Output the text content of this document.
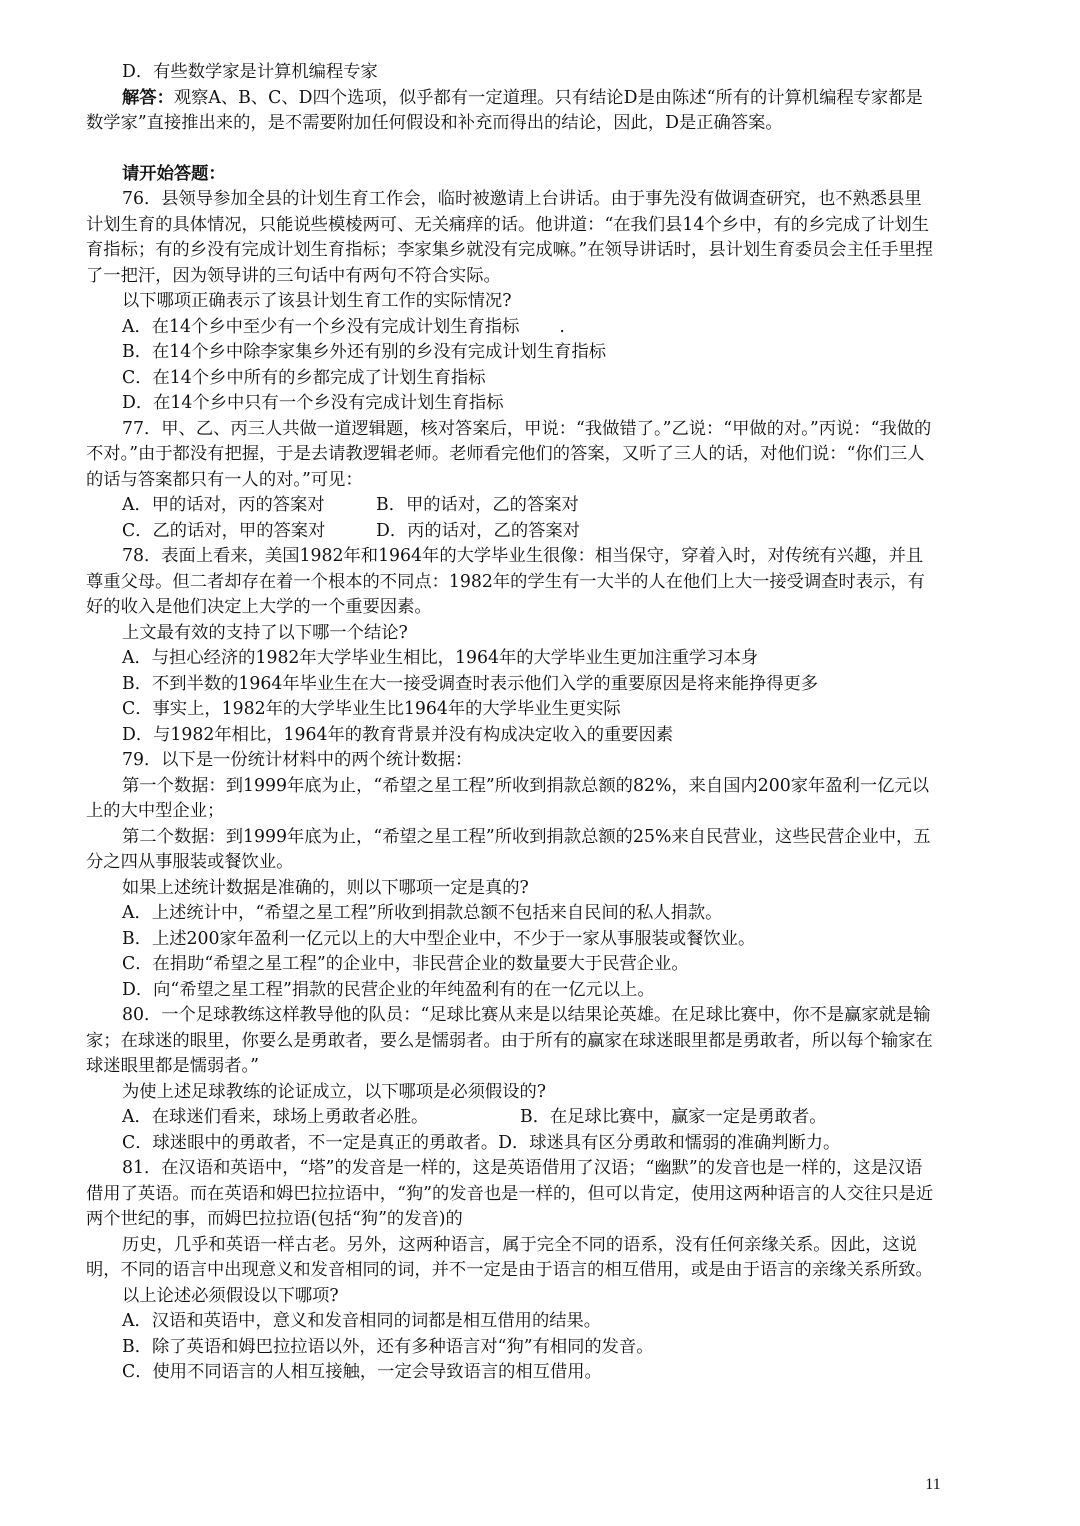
D．有些数学家是计算机编程专家

解答：观察A、B、C、D四个选项，似乎都有一定道理。只有结论D是由陈述“所有的计算机编程专家都是数学家”直接推出来的，是不需要附加任何假设和补充而得出的结论，因此，D是正确答案。

请开始答题：

76．县领导参加全县的计划生育工作会，临时被邀请上台讲话。由于事先没有做调查研究，也不熟悉县里计划生育的具体情况，只能说些模棱两可、无关痛痒的话。他讲道：“在我们县14个乡中，有的乡完成了计划生育指标；有的乡没有完成计划生育指标；李家集乡就没有完成嘛。”在领导讲话时，县计划生育委员会主任手里捏了一把汗，因为领导讲的三句话中有两句不符合实际。

以下哪项正确表示了该县计划生育工作的实际情况?

A．在14个乡中至少有一个乡没有完成计划生育指标　　 .

B．在14个乡中除李家集乡外还有别的乡没有完成计划生育指标

C．在14个乡中所有的乡都完成了计划生育指标

D．在14个乡中只有一个乡没有完成计划生育指标

77．甲、乙、丙三人共做一道逻辑题，核对答案后，甲说：“我做错了。”乙说：“甲做的对。”丙说：“我做的不对。”由于都没有把握，于是去请教逻辑老师。老师看完他们的答案，又听了三人的话，对他们说：“你们三人的话与答案都只有一人的对。”可见：

A．甲的话对，丙的答案对	B．甲的话对，乙的答案对
C．乙的话对，甲的答案对	D．丙的话对，乙的答案对

78．表面上看来，美国1982年和1964年的大学毕业生很像：相当保守，穿着入时，对传统有兴趣，并且尊重父母。但二者却存在着一个根本的不同点：1982年的学生有一大半的人在他们上大一接受调查时表示，有好的收入是他们决定上大学的一个重要因素。

上文最有效的支持了以下哪一个结论?

A．与担心经济的1982年大学毕业生相比，1964年的大学毕业生更加注重学习本身

B．不到半数的1964年毕业生在大一接受调查时表示他们入学的重要原因是将来能挣得更多

C．事实上，1982年的大学毕业生比1964年的大学毕业生更实际

D．与1982年相比，1964年的教育背景并没有构成决定收入的重要因素

79．以下是一份统计材料中的两个统计数据：

第一个数据：到1999年底为止，“希望之星工程”所收到捐款总额的82%，来自国内200家年盈利一亿元以上的大中型企业；

第二个数据：到1999年底为止，“希望之星工程”所收到捐款总额的25%来自民营业，这些民营企业中，五分之四从事服装或餐饮业。

如果上述统计数据是准确的，则以下哪项一定是真的?

A．上述统计中，“希望之星工程”所收到捐款总额不包括来自民间的私人捐款。

B．上述200家年盈利一亿元以上的大中型企业中，不少于一家从事服装或餐饮业。

C．在捐助“希望之星工程”的企业中，非民营企业的数量要大于民营企业。

D．向“希望之星工程”捐款的民营企业的年纯盈利有的在一亿元以上。

80．一个足球教练这样教导他的队员：“足球比赛从来是以结果论英雄。在足球比赛中，你不是赢家就是输家；在球迷的眼里，你要么是勇敢者，要么是懦弱者。由于所有的赢家在球迷眼里都是勇敢者，所以每个输家在球迷眼里都是懦弱者。”

为使上述足球教练的论证成立，以下哪项是必须假设的?

A．在球迷们看来，球场上勇敢者必胜。	B．在足球比赛中，赢家一定是勇敢者。
C．球迷眼中的勇敢者，不一定是真正的勇敢者。 D．球迷具有区分勇敢和懦弱的准确判断力。

81．在汉语和英语中，“塔”的发音是一样的，这是英语借用了汉语；“幽默”的发音也是一样的，这是汉语借用了英语。而在英语和姆巴拉拉语中，“狗”的发音也是一样的，但可以肯定，使用这两种语言的人交往只是近两个世纪的事，而姆巴拉拉语(包括“狗”的发音)的

历史，几乎和英语一样古老。另外，这两种语言，属于完全不同的语系，没有任何亲缘关系。因此，这说明，不同的语言中出现意义和发音相同的词，并不一定是由于语言的相互借用，或是由于语言的亲缘关系所致。

以上论述必须假设以下哪项?

A．汉语和英语中，意义和发音相同的词都是相互借用的结果。

B．除了英语和姆巴拉拉语以外，还有多种语言对“狗”有相同的发音。

C．使用不同语言的人相互接触，一定会导致语言的相互借用。

11
